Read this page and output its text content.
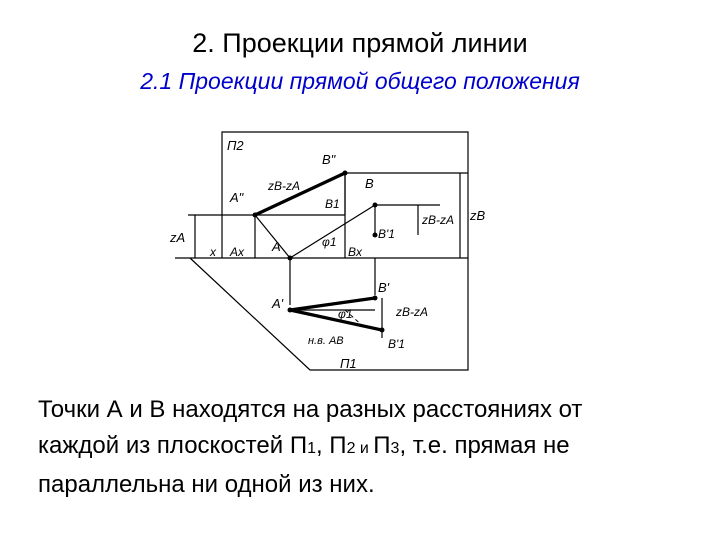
2. Проекции прямой линии
2.1 Проекции прямой общего положения
П2
П1
B"
A"
B
B1
A
Ax	Bx
x
B'1
A'
B'
B'1
zA
zB
zB-zA
zB-zA
zB-zA
φ1
φ1
н.в. AB
Точки А и В находятся на разных расстояниях от
каждой из плоскостей П1, П2 и П3, т.е. прямая не
параллельна ни одной из них.
